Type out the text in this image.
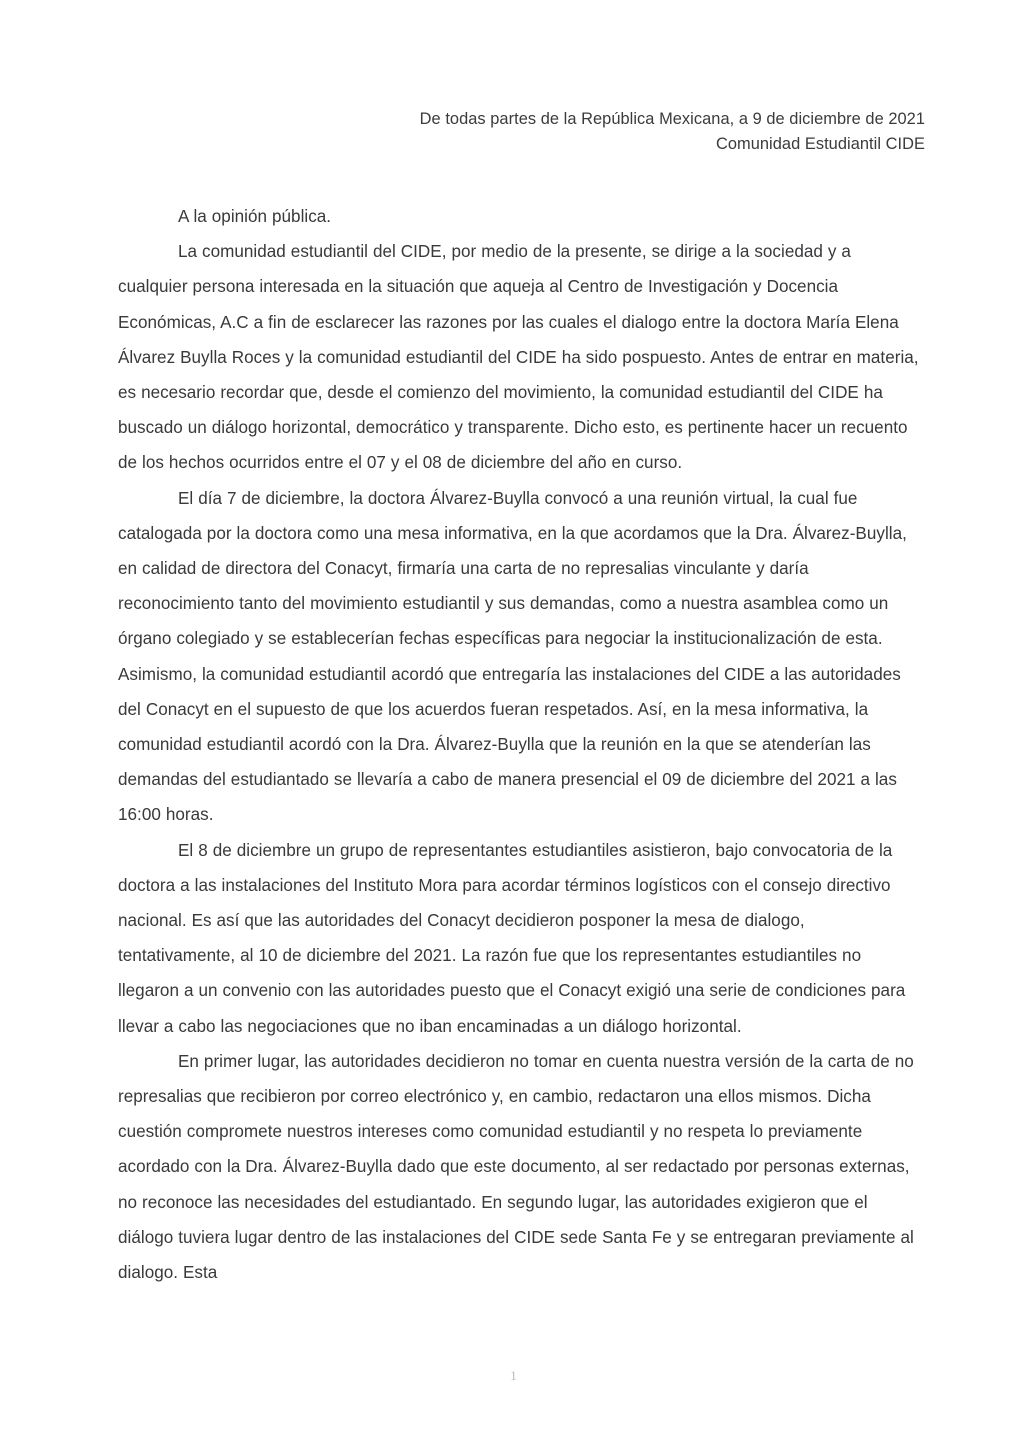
De todas partes de la República Mexicana, a 9 de diciembre de 2021
Comunidad Estudiantil CIDE

A la opinión pública.

La comunidad estudiantil del CIDE, por medio de la presente, se dirige a la sociedad y a cualquier persona interesada en la situación que aqueja al Centro de Investigación y Docencia Económicas, A.C a fin de esclarecer las razones por las cuales el dialogo entre la doctora María Elena Álvarez Buylla Roces y la comunidad estudiantil del CIDE ha sido pospuesto. Antes de entrar en materia, es necesario recordar que, desde el comienzo del movimiento, la comunidad estudiantil del CIDE ha buscado un diálogo horizontal, democrático y transparente. Dicho esto, es pertinente hacer un recuento de los hechos ocurridos entre el 07 y el 08 de diciembre del año en curso.

El día 7 de diciembre, la doctora Álvarez-Buylla convocó a una reunión virtual, la cual fue catalogada por la doctora como una mesa informativa, en la que acordamos que la Dra. Álvarez-Buylla, en calidad de directora del Conacyt, firmaría una carta de no represalias vinculante y daría reconocimiento tanto del movimiento estudiantil y sus demandas, como a nuestra asamblea como un órgano colegiado y se establecerían fechas específicas para negociar la institucionalización de esta. Asimismo, la comunidad estudiantil acordó que entregaría las instalaciones del CIDE a las autoridades del Conacyt en el supuesto de que los acuerdos fueran respetados. Así, en la mesa informativa, la comunidad estudiantil acordó con la Dra. Álvarez-Buylla que la reunión en la que se atenderían las demandas del estudiantado se llevaría a cabo de manera presencial el 09 de diciembre del 2021 a las 16:00 horas.

El 8 de diciembre un grupo de representantes estudiantiles asistieron, bajo convocatoria de la doctora a las instalaciones del Instituto Mora para acordar términos logísticos con el consejo directivo nacional. Es así que las autoridades del Conacyt decidieron posponer la mesa de dialogo, tentativamente, al 10 de diciembre del 2021. La razón fue que los representantes estudiantiles no llegaron a un convenio con las autoridades puesto que el Conacyt exigió una serie de condiciones para llevar a cabo las negociaciones que no iban encaminadas a un diálogo horizontal.

En primer lugar, las autoridades decidieron no tomar en cuenta nuestra versión de la carta de no represalias que recibieron por correo electrónico y, en cambio, redactaron una ellos mismos. Dicha cuestión compromete nuestros intereses como comunidad estudiantil y no respeta lo previamente acordado con la Dra. Álvarez-Buylla dado que este documento, al ser redactado por personas externas, no reconoce las necesidades del estudiantado. En segundo lugar, las autoridades exigieron que el diálogo tuviera lugar dentro de las instalaciones del CIDE sede Santa Fe y se entregaran previamente al dialogo. Esta

1
